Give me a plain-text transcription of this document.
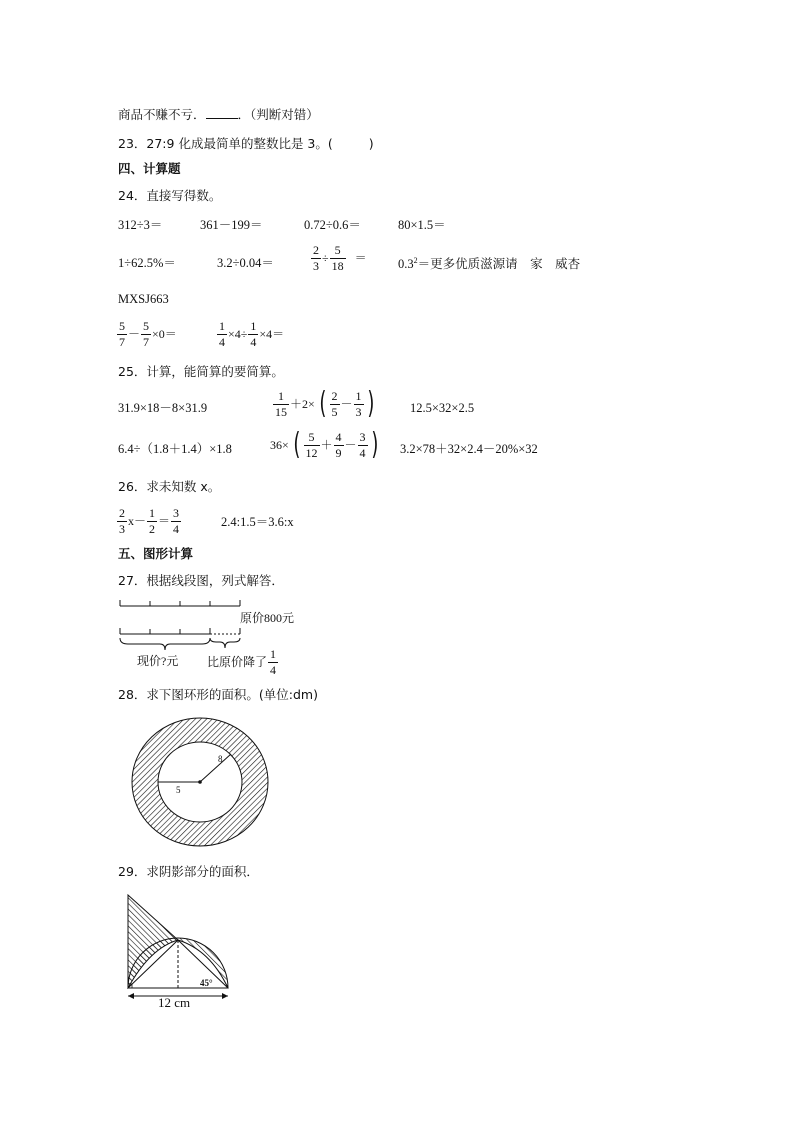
商品不赚不亏．	．（判断对错）
23．27:9 化成最简单的整数比是 3。(	)
四、计算题
24．直接写得数。
312÷3＝	361－199＝	0.72÷0.6＝	80×1.5＝
1÷62.5%＝	3.2÷0.04＝	$\frac{2}{3} \div \frac{5}{18}$ ＝	$0.3^2=$更多优质滋源请　家　威杏
MXSJ663
$\frac{5}{7} - \frac{5}{7} \times 0=$	$\frac{1}{4} \times 4\div \frac{1}{4} \times 4=$
25．计算，能简算的要简算。
31.9×18－8×31.9	$\frac{1}{15} +2\times$ ( $\frac{2}{5} - \frac{1}{3}$ )	12.5×32×2.5
6.4÷（1.8＋1.4）×1.8	36× ( $\frac{5}{12} + \frac{4}{9} - \frac{3}{4}$ ) 3.2×78＋32×2.4－20%×32
26．求未知数 x。
$\frac{2}{3} x- \frac{1}{2} = \frac{3}{4}$	2.4:1.5＝3.6:x
五、图形计算
27．根据线段图，列式解答．
原价800元
现价?元 比原价降了 $\frac{1}{4}$
28．求下图环形的面积。(单位:dm)
5
8
29．求阴影部分的面积．
12 cm
45°
